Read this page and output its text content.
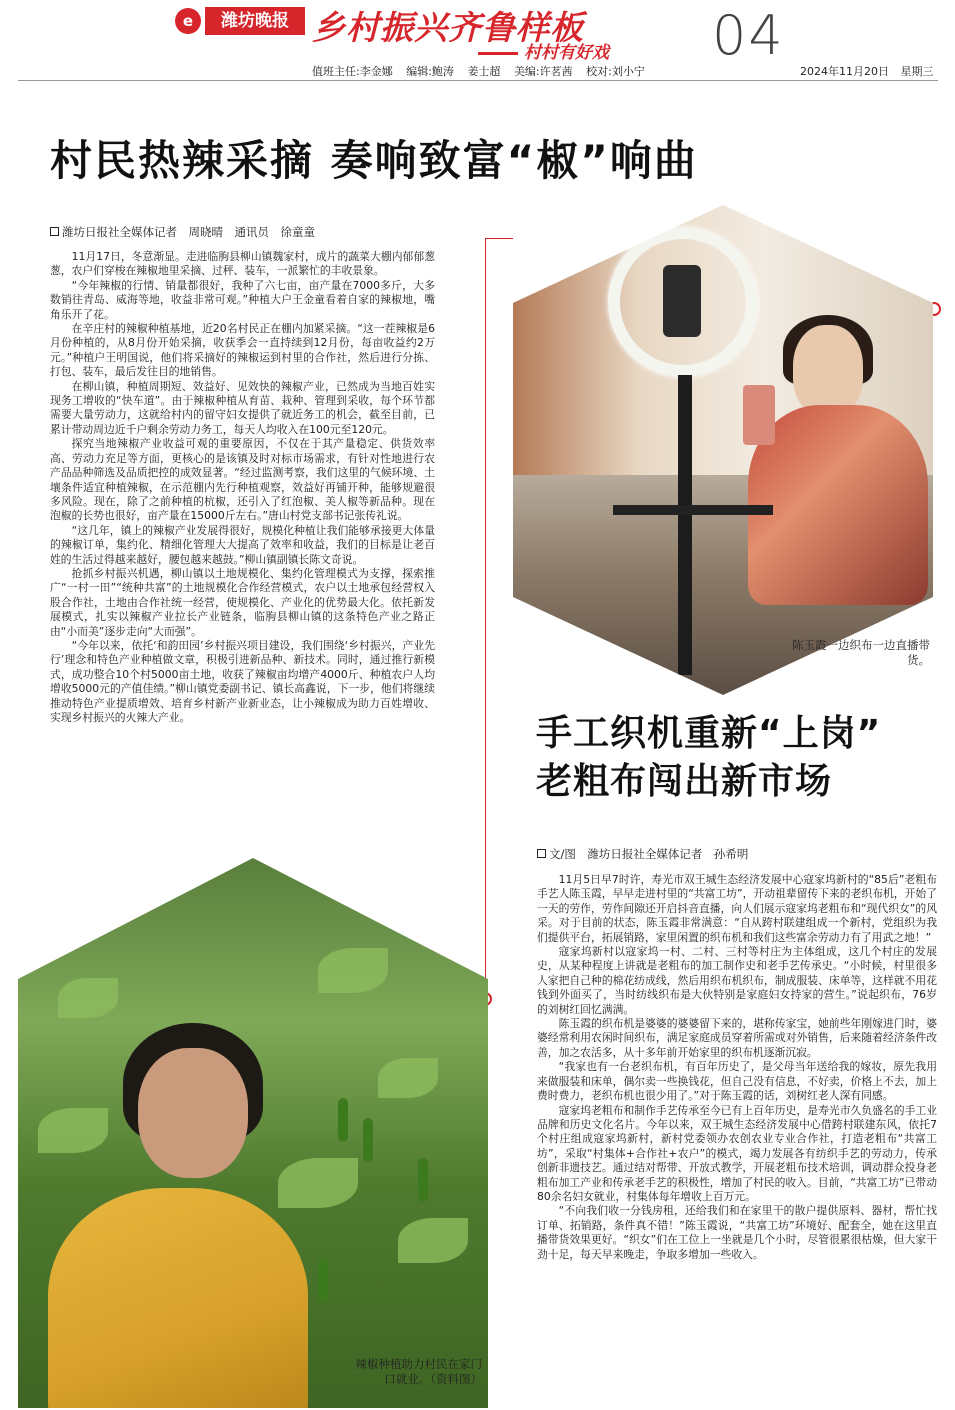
e	潍坊晚报 乡村振兴齐鲁样板
村村有好戏 04
值班主任:李金娜 编辑:鲍涛 姜士超 美编:许茗茜 校对:刘小宁	2024年11月20日 星期三
村民热辣采摘 奏响致富“椒”响曲
潍坊日报社全媒体记者　周晓晴　通讯员　徐童童

11月17日，冬意渐显。走进临朐县柳山镇魏家村，成片的蔬菜大棚内郁郁葱葱，农户们穿梭在辣椒地里采摘、过秤、装车，一派繁忙的丰收景象。

“今年辣椒的行情、销量都很好，我种了六七亩，亩产量在7000多斤，大多数销往青岛、威海等地，收益非常可观。”种植大户王金童看着自家的辣椒地，嘴角乐开了花。

在辛庄村的辣椒种植基地，近20名村民正在棚内加紧采摘。“这一茬辣椒是6月份种植的，从8月份开始采摘，收获季会一直持续到12月份，每亩收益约2万元。”种植户王明国说，他们将采摘好的辣椒运到村里的合作社，然后进行分拣、打包、装车，最后发往目的地销售。

在柳山镇，种植周期短、效益好、见效快的辣椒产业，已然成为当地百姓实现务工增收的“快车道”。由于辣椒种植从育苗、栽种、管理到采收，每个环节都需要大量劳动力，这就给村内的留守妇女提供了就近务工的机会，截至目前，已累计带动周边近千户剩余劳动力务工，每天人均收入在100元至120元。

探究当地辣椒产业收益可观的重要原因，不仅在于其产量稳定、供货效率高、劳动力充足等方面，更核心的是该镇及时对标市场需求，有针对性地进行农产品品种筛选及品质把控的成效显著。“经过监测考察，我们这里的气候环境、土壤条件适宜种植辣椒，在示范棚内先行种植观察，效益好再铺开种，能够规避很多风险。现在，除了之前种植的杭椒，还引入了红泡椒、美人椒等新品种。现在泡椒的长势也很好，亩产量在15000斤左右。”唐山村党支部书记张传礼说。

“这几年，镇上的辣椒产业发展得很好，规模化种植让我们能够承接更大体量的辣椒订单，集约化、精细化管理大大提高了效率和收益，我们的目标是让老百姓的生活过得越来越好，腰包越来越鼓。”柳山镇副镇长陈文奇说。

抢抓乡村振兴机遇，柳山镇以土地规模化、集约化管理模式为支撑，探索推广“一村一田”“统种共富”的土地规模化合作经营模式，农户以土地承包经营权入股合作社，土地由合作社统一经营，使规模化、产业化的优势最大化。依托新发展模式，扎实以辣椒产业拉长产业链条，临朐县柳山镇的这条特色产业之路正由“小而美”逐步走向“大而强”。

“今年以来，依托‘和韵田园’乡村振兴项目建设，我们围绕‘乡村振兴，产业先行’理念和特色产业种植做文章，积极引进新品种、新技术。同时，通过推行新模式，成功整合10个村5000亩土地，收获了辣椒亩均增产4000斤、种植农户人均增收5000元的产值佳绩。”柳山镇党委副书记、镇长高鑫说，下一步，他们将继续推动特色产业提质增效、培育乡村新产业新业态，让小辣椒成为助力百姓增收、实现乡村振兴的火辣大产业。

陈玉霞一边织布一边直播带货。
手工织机重新“上岗”
老粗布闯出新市场
文/图　潍坊日报社全媒体记者　孙希明

11月5日早7时许，寿光市双王城生态经济发展中心寇家坞新村的“85后”老粗布手艺人陈玉霞，早早走进村里的“共富工坊”，开动祖辈留传下来的老织布机，开始了一天的劳作，劳作间隙还开启抖音直播，向人们展示寇家坞老粗布和“现代织女”的风采。对于目前的状态，陈玉霞非常满意：“自从跨村联建组成一个新村，党组织为我们提供平台，拓展销路，家里闲置的织布机和我们这些富余劳动力有了用武之地！”

寇家坞新村以寇家坞一村、二村、三村等村庄为主体组成，这几个村庄的发展史，从某种程度上讲就是老粗布的加工制作史和老手艺传承史。“小时候，村里很多人家把自己种的棉花纺成线，然后用织布机织布，制成服装、床单等，这样就不用花钱到外面买了，当时纺线织布是大伙特别是家庭妇女持家的营生。”说起织布，76岁的刘树红回忆满满。

陈玉霞的织布机是婆婆的婆婆留下来的，堪称传家宝，她前些年刚嫁进门时，婆婆经常利用农闲时间织布，满足家庭成员穿着所需或对外销售，后来随着经济条件改善，加之农活多，从十多年前开始家里的织布机逐渐沉寂。

“我家也有一台老织布机，有百年历史了，是父母当年送给我的嫁妆，原先我用来做服装和床单，偶尔卖一些换钱花，但自己没有信息，不好卖，价格上不去，加上费时费力，老织布机也很少用了。”对于陈玉霞的话，刘树红老人深有同感。

寇家坞老粗布和制作手艺传承至今已有上百年历史，是寿光市久负盛名的手工业品牌和历史文化名片。今年以来，双王城生态经济发展中心借跨村联建东风，依托7个村庄组成寇家坞新村，新村党委领办农创农业专业合作社，打造老粗布“共富工坊”，采取“村集体+合作社+农户”的模式，竭力发展各有纺织手艺的劳动力，传承创新非遗技艺。通过结对帮带、开放式教学，开展老粗布技术培训，调动群众投身老粗布加工产业和传承老手艺的积极性，增加了村民的收入。目前，“共富工坊”已带动80余名妇女就业，村集体每年增收上百万元。

“不向我们收一分钱房租，还给我们和在家里干的散户提供原料、器材，帮忙找订单、拓销路，条件真不错！”陈玉霞说，“共富工坊”环境好、配套全，她在这里直播带货效果更好。“织女”们在工位上一坐就是几个小时，尽管很累很枯燥，但大家干劲十足，每天早来晚走，争取多增加一些收入。

辣椒种植助力村民在家门口就业。（资料图）
